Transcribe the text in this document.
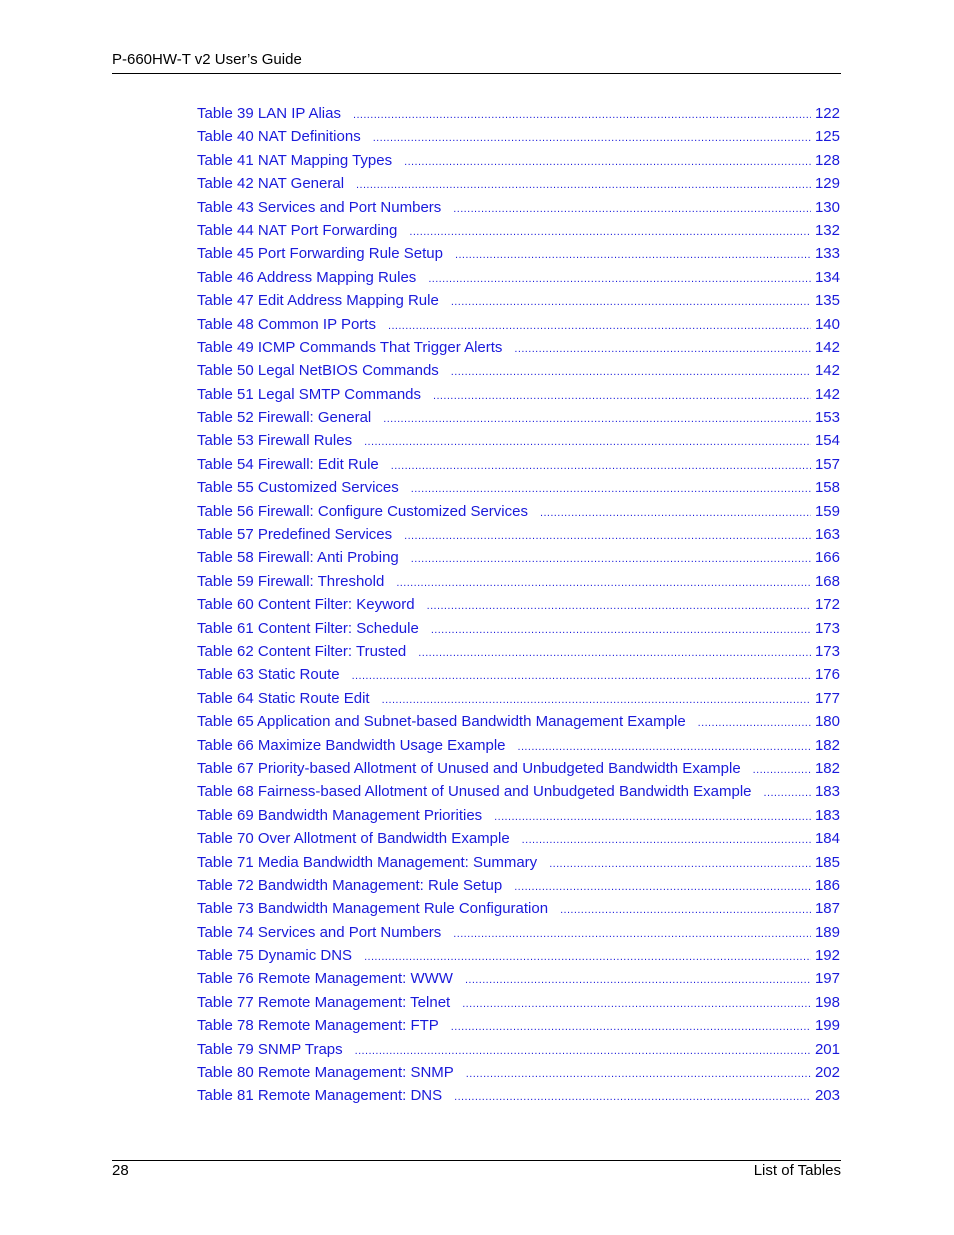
P-660HW-T v2 User’s Guide
Table 39 LAN IP Alias .....	122
Table 40 NAT Definitions .....	125
Table 41 NAT Mapping Types .....	128
Table 42 NAT General .....	129
Table 43 Services and Port Numbers .....	130
Table 44 NAT Port Forwarding .....	132
Table 45 Port Forwarding Rule Setup .....	133
Table 46 Address Mapping Rules .....	134
Table 47 Edit Address Mapping Rule .....	135
Table 48 Common IP Ports .....	140
Table 49 ICMP Commands That Trigger Alerts .....	142
Table 50 Legal NetBIOS Commands .....	142
Table 51 Legal SMTP Commands .....	142
Table 52 Firewall: General .....	153
Table 53 Firewall Rules .....	154
Table 54 Firewall: Edit Rule .....	157
Table 55 Customized Services .....	158
Table 56 Firewall: Configure Customized Services .....	159
Table 57 Predefined Services .....	163
Table 58 Firewall: Anti Probing .....	166
Table 59 Firewall: Threshold .....	168
Table 60 Content Filter: Keyword .....	172
Table 61 Content Filter: Schedule .....	173
Table 62 Content Filter: Trusted .....	173
Table 63 Static Route .....	176
Table 64 Static Route Edit .....	177
Table 65 Application and Subnet-based Bandwidth Management Example .....	180
Table 66 Maximize Bandwidth Usage Example .....	182
Table 67 Priority-based Allotment of Unused and Unbudgeted Bandwidth Example .....	182
Table 68 Fairness-based Allotment of Unused and Unbudgeted Bandwidth Example .....	183
Table 69 Bandwidth Management Priorities .....	183
Table 70 Over Allotment of Bandwidth Example .....	184
Table 71 Media Bandwidth Management: Summary .....	185
Table 72 Bandwidth Management: Rule Setup .....	186
Table 73 Bandwidth Management Rule Configuration .....	187
Table 74 Services and Port Numbers .....	189
Table 75 Dynamic DNS .....	192
Table 76 Remote Management: WWW .....	197
Table 77 Remote Management: Telnet .....	198
Table 78 Remote Management: FTP .....	199
Table 79 SNMP Traps .....	201
Table 80 Remote Management: SNMP .....	202
Table 81 Remote Management: DNS .....	203
28	List of Tables
